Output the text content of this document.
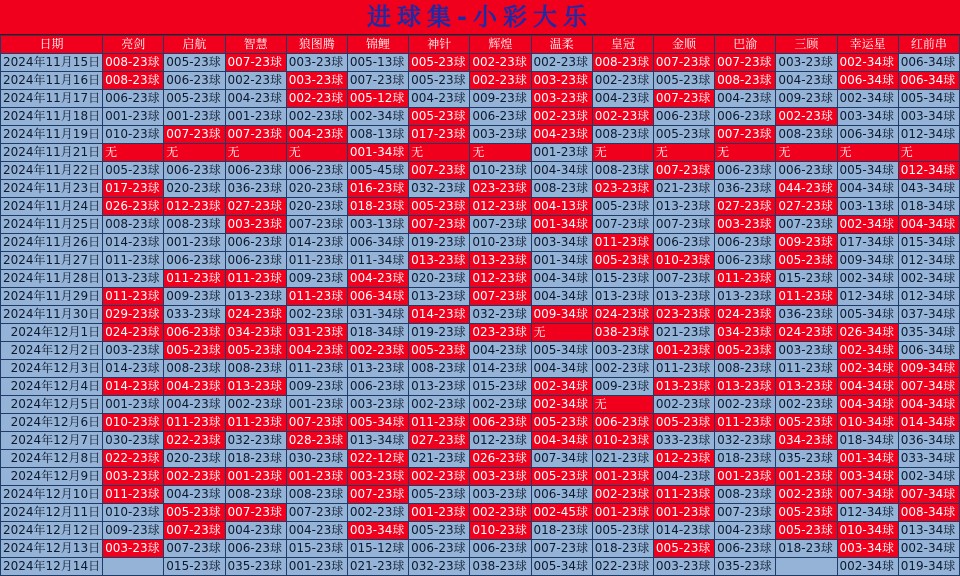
进球集-小彩大乐
日期	亮剑	启航	智慧	狼图腾	锦鲤	神针	辉煌	温柔	皇冠	金顺	巴渝	三顾	幸运星	红前串
2024年11月15日	008-23球	005-23球	007-23球	003-23球	005-13球	005-23球	002-23球	002-23球	008-23球	007-23球	007-23球	003-23球	002-34球	006-34球
2024年11月16日	008-23球	006-23球	002-23球	003-23球	007-23球	005-23球	002-23球	003-23球	002-23球	005-23球	008-23球	004-23球	006-34球	006-34球
2024年11月17日	006-23球	005-23球	004-23球	002-23球	005-12球	004-23球	009-23球	003-23球	004-23球	007-23球	004-23球	009-23球	002-34球	005-34球
2024年11月18日	001-23球	001-23球	001-23球	002-23球	002-34球	005-23球	006-23球	002-23球	002-23球	006-23球	006-23球	002-23球	003-34球	003-34球
2024年11月19日	010-23球	007-23球	007-23球	004-23球	008-13球	017-23球	003-23球	004-23球	008-23球	005-23球	007-23球	008-23球	006-34球	012-34球
2024年11月21日	无	无	无	无	001-34球	无	无	001-23球	无	无	无	无	无	无
2024年11月22日	005-23球	006-23球	006-23球	006-23球	005-45球	007-23球	010-23球	004-34球	008-23球	007-23球	006-23球	006-23球	005-34球	012-34球
2024年11月23日	017-23球	020-23球	036-23球	020-23球	016-23球	032-23球	023-23球	008-23球	023-23球	021-23球	036-23球	044-23球	004-34球	043-34球
2024年11月24日	026-23球	012-23球	027-23球	020-23球	018-23球	005-23球	012-23球	004-13球	005-23球	013-23球	027-23球	027-23球	003-13球	018-34球
2024年11月25日	008-23球	008-23球	003-23球	007-23球	003-13球	007-23球	007-23球	001-34球	007-23球	007-23球	003-23球	007-23球	002-34球	004-34球
2024年11月26日	014-23球	001-23球	006-23球	014-23球	006-34球	019-23球	010-23球	003-34球	011-23球	006-23球	006-23球	009-23球	017-34球	015-34球
2024年11月27日	011-23球	006-23球	006-23球	011-23球	011-34球	013-23球	013-23球	001-34球	005-23球	010-23球	006-23球	005-23球	009-34球	012-34球
2024年11月28日	013-23球	011-23球	011-23球	009-23球	004-23球	020-23球	012-23球	004-34球	015-23球	007-23球	011-23球	015-23球	002-34球	002-34球
2024年11月29日	011-23球	009-23球	013-23球	011-23球	006-34球	013-23球	007-23球	004-34球	013-23球	013-23球	013-23球	011-23球	012-34球	012-34球
2024年11月30日	029-23球	033-23球	024-23球	002-23球	031-34球	014-23球	032-23球	009-34球	024-23球	023-23球	024-23球	036-23球	005-34球	037-34球
2024年12月1日	024-23球	006-23球	034-23球	031-23球	018-34球	019-23球	023-23球	无	038-23球	021-23球	034-23球	024-23球	026-34球	035-34球
2024年12月2日	003-23球	005-23球	005-23球	004-23球	002-23球	005-23球	004-23球	005-34球	003-23球	001-23球	005-23球	003-23球	002-34球	006-34球
2024年12月3日	014-23球	008-23球	008-23球	011-23球	013-23球	008-23球	014-23球	004-34球	002-23球	011-23球	008-23球	011-23球	002-34球	009-34球
2024年12月4日	014-23球	004-23球	013-23球	009-23球	006-23球	013-23球	015-23球	002-34球	009-23球	013-23球	013-23球	013-23球	004-34球	007-34球
2024年12月5日	001-23球	004-23球	002-23球	001-23球	003-23球	002-23球	002-23球	002-34球	无	002-23球	002-23球	002-23球	004-34球	004-34球
2024年12月6日	010-23球	011-23球	011-23球	007-23球	005-34球	011-23球	006-23球	005-23球	006-23球	005-23球	011-23球	005-23球	010-34球	014-34球
2024年12月7日	030-23球	022-23球	032-23球	028-23球	013-34球	027-23球	012-23球	004-34球	010-23球	033-23球	032-23球	034-23球	018-34球	036-34球
2024年12月8日	022-23球	020-23球	018-23球	030-23球	022-12球	021-23球	026-23球	007-34球	021-23球	012-23球	018-23球	035-23球	001-34球	033-34球
2024年12月9日	003-23球	002-23球	001-23球	001-23球	003-23球	002-23球	003-23球	005-23球	001-23球	004-23球	001-23球	001-23球	003-34球	002-34球
2024年12月10日	011-23球	004-23球	008-23球	008-23球	007-23球	005-23球	003-23球	006-34球	002-23球	011-23球	008-23球	002-23球	007-34球	007-34球
2024年12月11日	010-23球	005-23球	007-23球	007-23球	002-23球	001-23球	002-23球	002-45球	001-23球	001-23球	007-23球	005-23球	012-34球	008-34球
2024年12月12日	009-23球	007-23球	004-23球	004-23球	003-34球	005-23球	010-23球	018-23球	005-23球	014-23球	004-23球	005-23球	010-34球	013-34球
2024年12月13日	003-23球	007-23球	006-23球	015-23球	015-12球	006-23球	006-23球	007-23球	018-23球	005-23球	006-23球	018-23球	003-34球	002-34球
2024年12月14日		015-23球	035-23球	001-23球	021-23球	032-23球	038-23球	005-34球	022-23球	003-23球	035-23球		002-34球	019-34球
